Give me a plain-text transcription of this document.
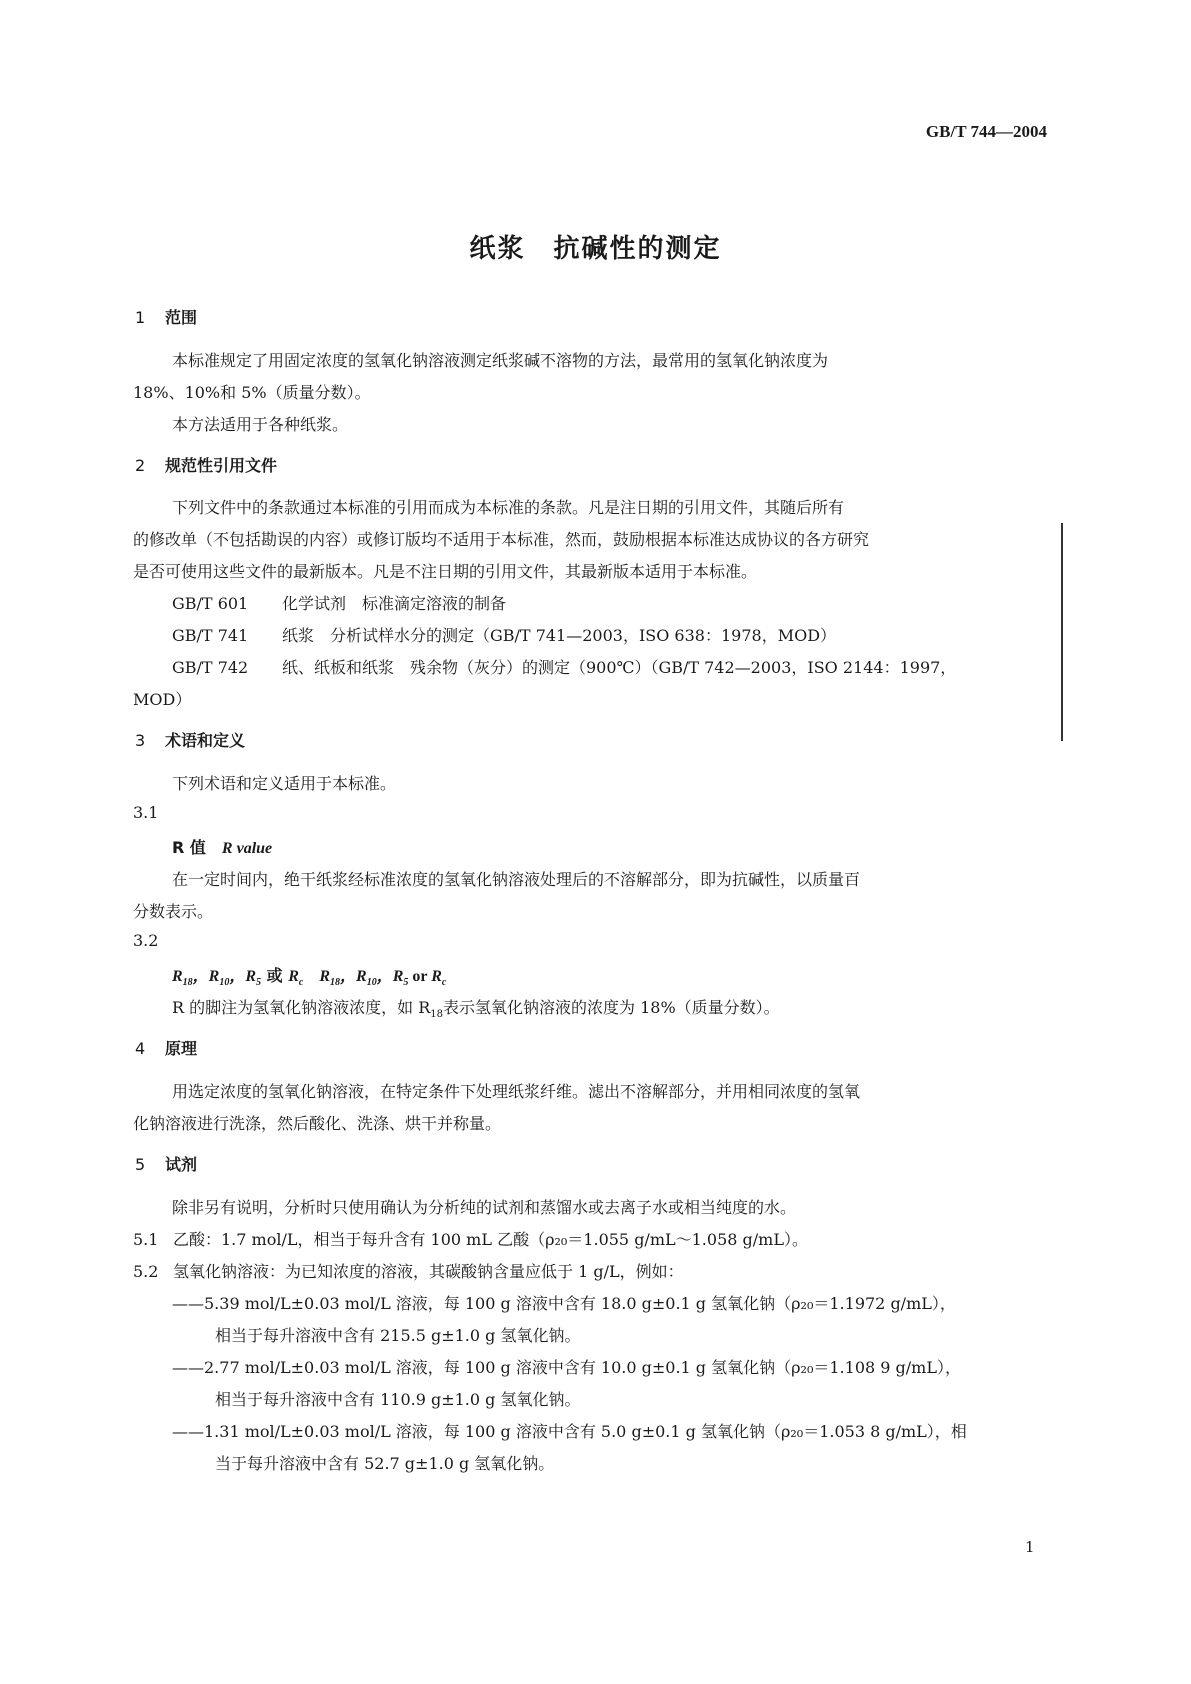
GB/T 744—2004
纸浆　抗碱性的测定
1 范围
本标准规定了用固定浓度的氢氧化钠溶液测定纸浆碱不溶物的方法，最常用的氢氧化钠浓度为
18%、10%和 5%（质量分数）。
本方法适用于各种纸浆。
2 规范性引用文件
下列文件中的条款通过本标准的引用而成为本标准的条款。凡是注日期的引用文件，其随后所有
的修改单（不包括勘误的内容）或修订版均不适用于本标准，然而，鼓励根据本标准达成协议的各方研究
是否可使用这些文件的最新版本。凡是不注日期的引用文件，其最新版本适用于本标准。
GB/T 601 化学试剂　标准滴定溶液的制备
GB/T 741 纸浆　分析试样水分的测定（GB/T 741—2003，ISO 638：1978，MOD）
GB/T 742 纸、纸板和纸浆　残余物（灰分）的测定（900℃）（GB/T 742—2003，ISO 2144：1997，
MOD）
3 术语和定义
下列术语和定义适用于本标准。
3.1
R 值　 R value
在一定时间内，绝干纸浆经标准浓度的氢氧化钠溶液处理后的不溶解部分，即为抗碱性，以质量百
分数表示。
3.2
$R_{18}$，$R_{10}$，$R_5$ 或 $R_c$　 $R_{18}$，$R_{10}$，$R_5$ or $R_c$
R 的脚注为氢氧化钠溶液浓度，如 $R_{18}$表示氢氧化钠溶液的浓度为 18%（质量分数）。
4 原理
用选定浓度的氢氧化钠溶液，在特定条件下处理纸浆纤维。滤出不溶解部分，并用相同浓度的氢氧
化钠溶液进行洗涤，然后酸化、洗涤、烘干并称量。
5 试剂
除非另有说明，分析时只使用确认为分析纯的试剂和蒸馏水或去离子水或相当纯度的水。
5.1 乙酸：1.7 mol/L，相当于每升含有 100 mL 乙酸（ρ₂₀＝1.055 g/mL～1.058 g/mL）。
5.2 氢氧化钠溶液：为已知浓度的溶液，其碳酸钠含量应低于 1 g/L，例如：
——5.39 mol/L±0.03 mol/L 溶液，每 100 g 溶液中含有 18.0 g±0.1 g 氢氧化钠（ρ₂₀＝1.1972 g/mL），
相当于每升溶液中含有 215.5 g±1.0 g 氢氧化钠。
——2.77 mol/L±0.03 mol/L 溶液，每 100 g 溶液中含有 10.0 g±0.1 g 氢氧化钠（ρ₂₀＝1.108 9 g/mL），
相当于每升溶液中含有 110.9 g±1.0 g 氢氧化钠。
——1.31 mol/L±0.03 mol/L 溶液，每 100 g 溶液中含有 5.0 g±0.1 g 氢氧化钠（ρ₂₀＝1.053 8 g/mL），相
当于每升溶液中含有 52.7 g±1.0 g 氢氧化钠。
1
